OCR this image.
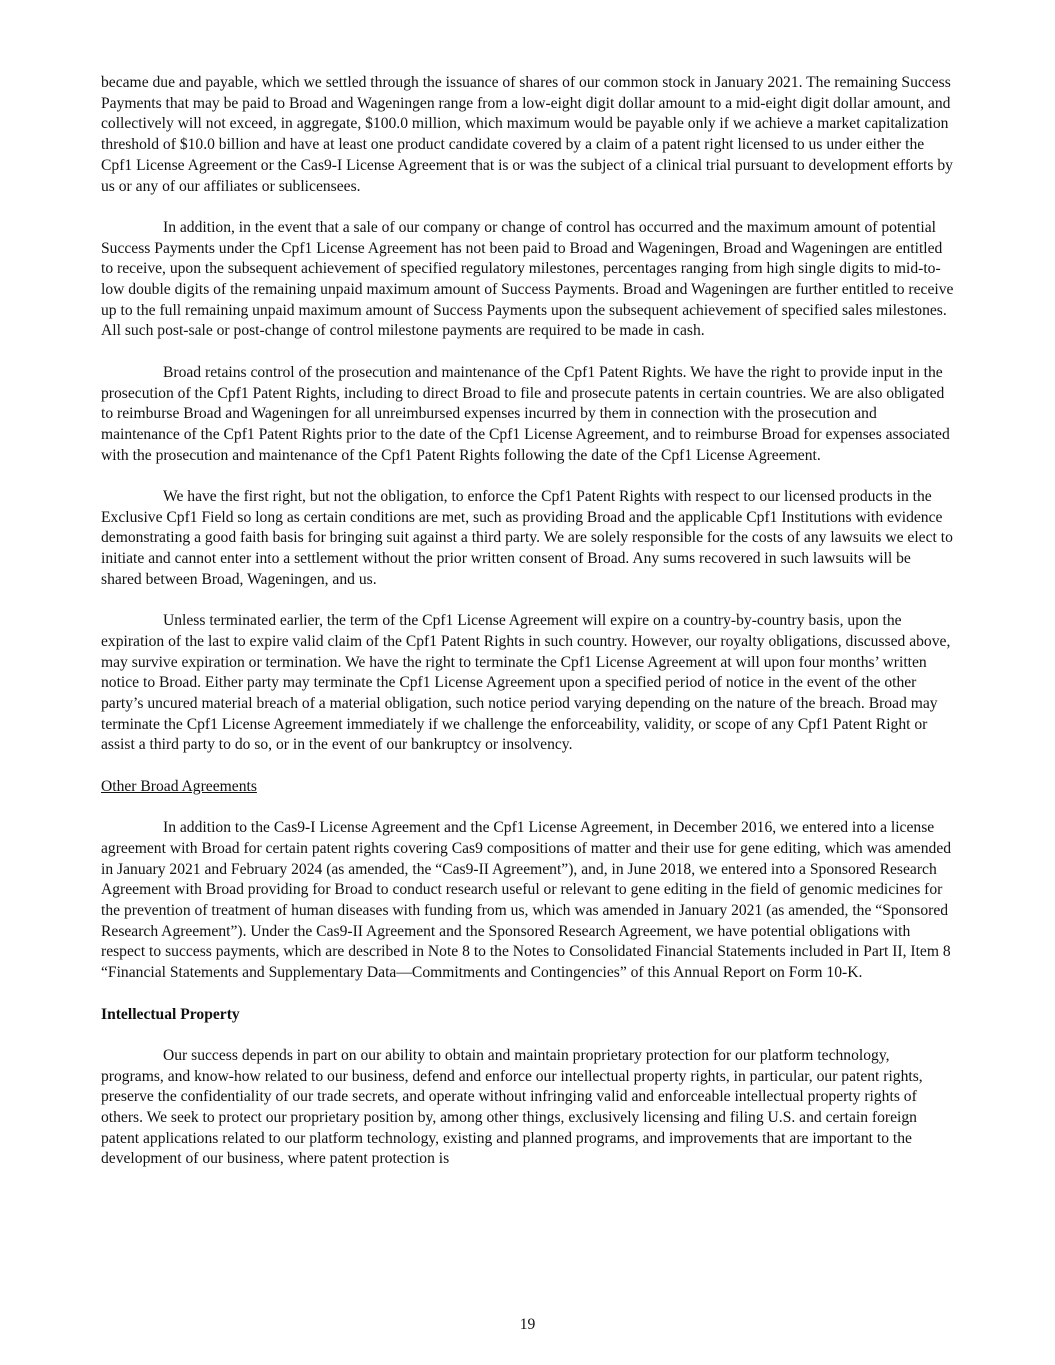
became due and payable, which we settled through the issuance of shares of our common stock in January 2021. The remaining Success Payments that may be paid to Broad and Wageningen range from a low-eight digit dollar amount to a mid-eight digit dollar amount, and collectively will not exceed, in aggregate, $100.0 million, which maximum would be payable only if we achieve a market capitalization threshold of $10.0 billion and have at least one product candidate covered by a claim of a patent right licensed to us under either the Cpf1 License Agreement or the Cas9-I License Agreement that is or was the subject of a clinical trial pursuant to development efforts by us or any of our affiliates or sublicensees.

In addition, in the event that a sale of our company or change of control has occurred and the maximum amount of potential Success Payments under the Cpf1 License Agreement has not been paid to Broad and Wageningen, Broad and Wageningen are entitled to receive, upon the subsequent achievement of specified regulatory milestones, percentages ranging from high single digits to mid-to-low double digits of the remaining unpaid maximum amount of Success Payments. Broad and Wageningen are further entitled to receive up to the full remaining unpaid maximum amount of Success Payments upon the subsequent achievement of specified sales milestones. All such post-sale or post-change of control milestone payments are required to be made in cash.

Broad retains control of the prosecution and maintenance of the Cpf1 Patent Rights. We have the right to provide input in the prosecution of the Cpf1 Patent Rights, including to direct Broad to file and prosecute patents in certain countries. We are also obligated to reimburse Broad and Wageningen for all unreimbursed expenses incurred by them in connection with the prosecution and maintenance of the Cpf1 Patent Rights prior to the date of the Cpf1 License Agreement, and to reimburse Broad for expenses associated with the prosecution and maintenance of the Cpf1 Patent Rights following the date of the Cpf1 License Agreement.

We have the first right, but not the obligation, to enforce the Cpf1 Patent Rights with respect to our licensed products in the Exclusive Cpf1 Field so long as certain conditions are met, such as providing Broad and the applicable Cpf1 Institutions with evidence demonstrating a good faith basis for bringing suit against a third party. We are solely responsible for the costs of any lawsuits we elect to initiate and cannot enter into a settlement without the prior written consent of Broad. Any sums recovered in such lawsuits will be shared between Broad, Wageningen, and us.

Unless terminated earlier, the term of the Cpf1 License Agreement will expire on a country-by-country basis, upon the expiration of the last to expire valid claim of the Cpf1 Patent Rights in such country. However, our royalty obligations, discussed above, may survive expiration or termination. We have the right to terminate the Cpf1 License Agreement at will upon four months’ written notice to Broad. Either party may terminate the Cpf1 License Agreement upon a specified period of notice in the event of the other party’s uncured material breach of a material obligation, such notice period varying depending on the nature of the breach. Broad may terminate the Cpf1 License Agreement immediately if we challenge the enforceability, validity, or scope of any Cpf1 Patent Right or assist a third party to do so, or in the event of our bankruptcy or insolvency.

Other Broad Agreements

In addition to the Cas9-I License Agreement and the Cpf1 License Agreement, in December 2016, we entered into a license agreement with Broad for certain patent rights covering Cas9 compositions of matter and their use for gene editing, which was amended in January 2021 and February 2024 (as amended, the “Cas9-II Agreement”), and, in June 2018, we entered into a Sponsored Research Agreement with Broad providing for Broad to conduct research useful or relevant to gene editing in the field of genomic medicines for the prevention of treatment of human diseases with funding from us, which was amended in January 2021 (as amended, the “Sponsored Research Agreement”). Under the Cas9-II Agreement and the Sponsored Research Agreement, we have potential obligations with respect to success payments, which are described in Note 8 to the Notes to Consolidated Financial Statements included in Part II, Item 8 “Financial Statements and Supplementary Data—Commitments and Contingencies” of this Annual Report on Form 10-K.

Intellectual Property

Our success depends in part on our ability to obtain and maintain proprietary protection for our platform technology, programs, and know-how related to our business, defend and enforce our intellectual property rights, in particular, our patent rights, preserve the confidentiality of our trade secrets, and operate without infringing valid and enforceable intellectual property rights of others. We seek to protect our proprietary position by, among other things, exclusively licensing and filing U.S. and certain foreign patent applications related to our platform technology, existing and planned programs, and improvements that are important to the development of our business, where patent protection is

19
